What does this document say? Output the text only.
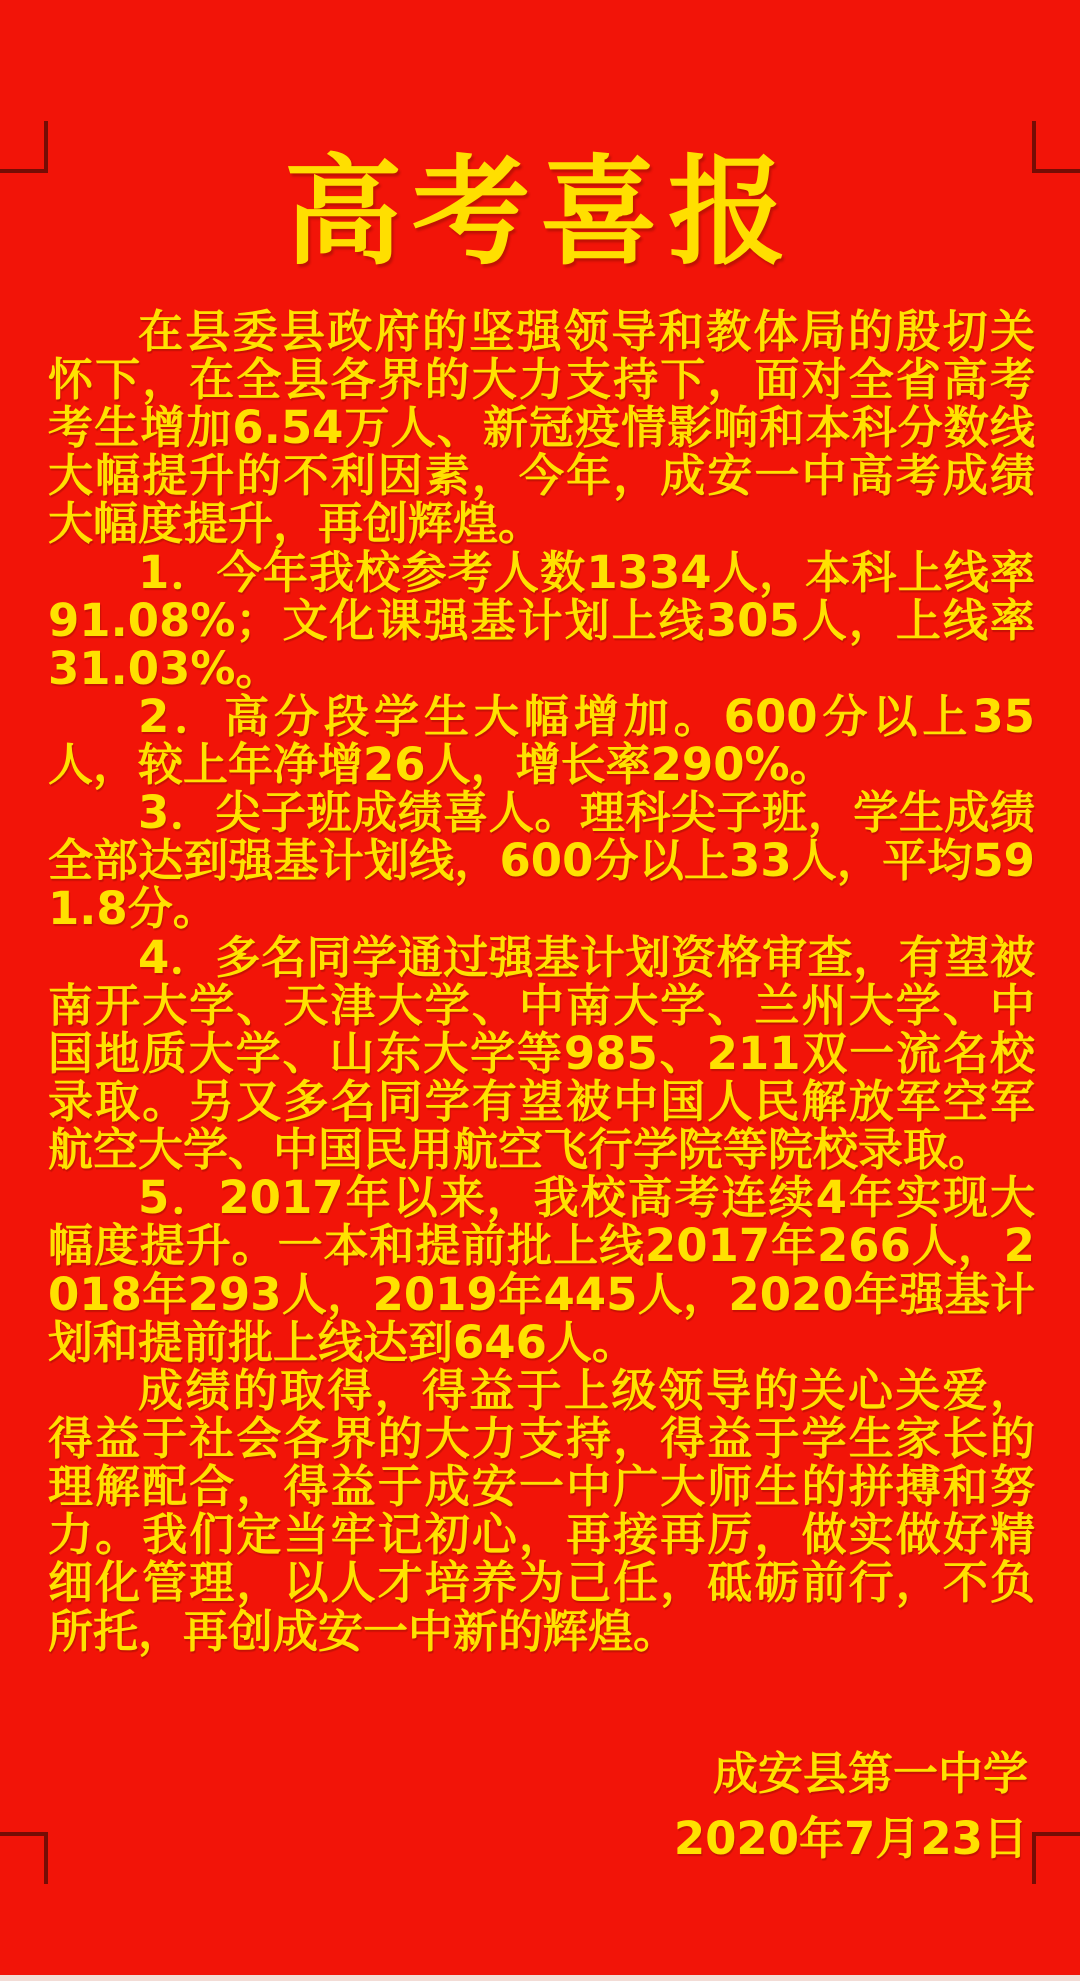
高考喜报

在县委县政府的坚强领导和教体局的殷切关怀下，在全县各界的大力支持下，面对全省高考考生增加6.54万人、新冠疫情影响和本科分数线大幅提升的不利因素，今年，成安一中高考成绩大幅度提升，再创辉煌。

1．今年我校参考人数1334人，本科上线率91.08%；文化课强基计划上线305人，上线率31.03%。

2．高分段学生大幅增加。600分以上35人，较上年净增26人，增长率290%。

3．尖子班成绩喜人。理科尖子班，学生成绩全部达到强基计划线，600分以上33人，平均591.8分。

4．多名同学通过强基计划资格审查，有望被南开大学、天津大学、中南大学、兰州大学、中国地质大学、山东大学等985、211双一流名校录取。另又多名同学有望被中国人民解放军空军航空大学、中国民用航空飞行学院等院校录取。

5．2017年以来，我校高考连续4年实现大幅度提升。一本和提前批上线2017年266人，2018年293人，2019年445人，2020年强基计划和提前批上线达到646人。

成绩的取得，得益于上级领导的关心关爱，得益于社会各界的大力支持，得益于学生家长的理解配合，得益于成安一中广大师生的拼搏和努力。我们定当牢记初心，再接再厉，做实做好精细化管理，以人才培养为己任，砥砺前行，不负所托，再创成安一中新的辉煌。

成安县第一中学
2020年7月23日
